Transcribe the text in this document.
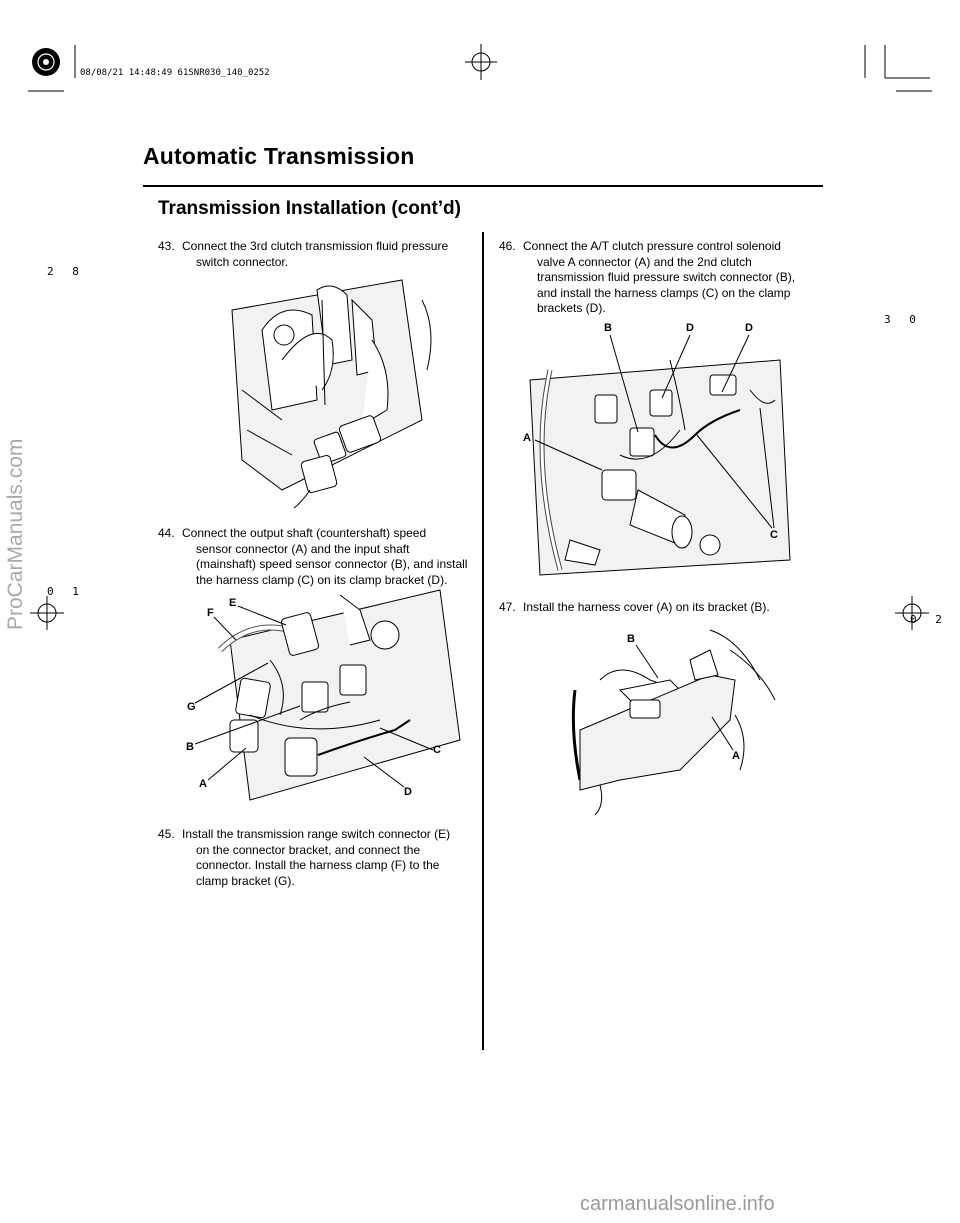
08/08/21 14:48:49 61SNR030_140_0252
2 8
0 1
3 0
0 2
Automatic Transmission
Transmission Installation (cont’d)
43. Connect the 3rd clutch transmission fluid pressure
switch connector.
44. Connect the output shaft (countershaft) speed
sensor connector (A) and the input shaft
(mainshaft) speed sensor connector (B), and install
the harness clamp (C) on its clamp bracket (D).
E
F
G
B
A
C
D
45. Install the transmission range switch connector (E)
on the connector bracket, and connect the
connector. Install the harness clamp (F) to the
clamp bracket (G).
46. Connect the A/T clutch pressure control solenoid
valve A connector (A) and the 2nd clutch
transmission fluid pressure switch connector (B),
and install the harness clamps (C) on the clamp
brackets (D).
B	D	D
A
C
47. Install the harness cover (A) on its bracket (B).
B
A
ProCarManuals.com
carmanualsonline.info
